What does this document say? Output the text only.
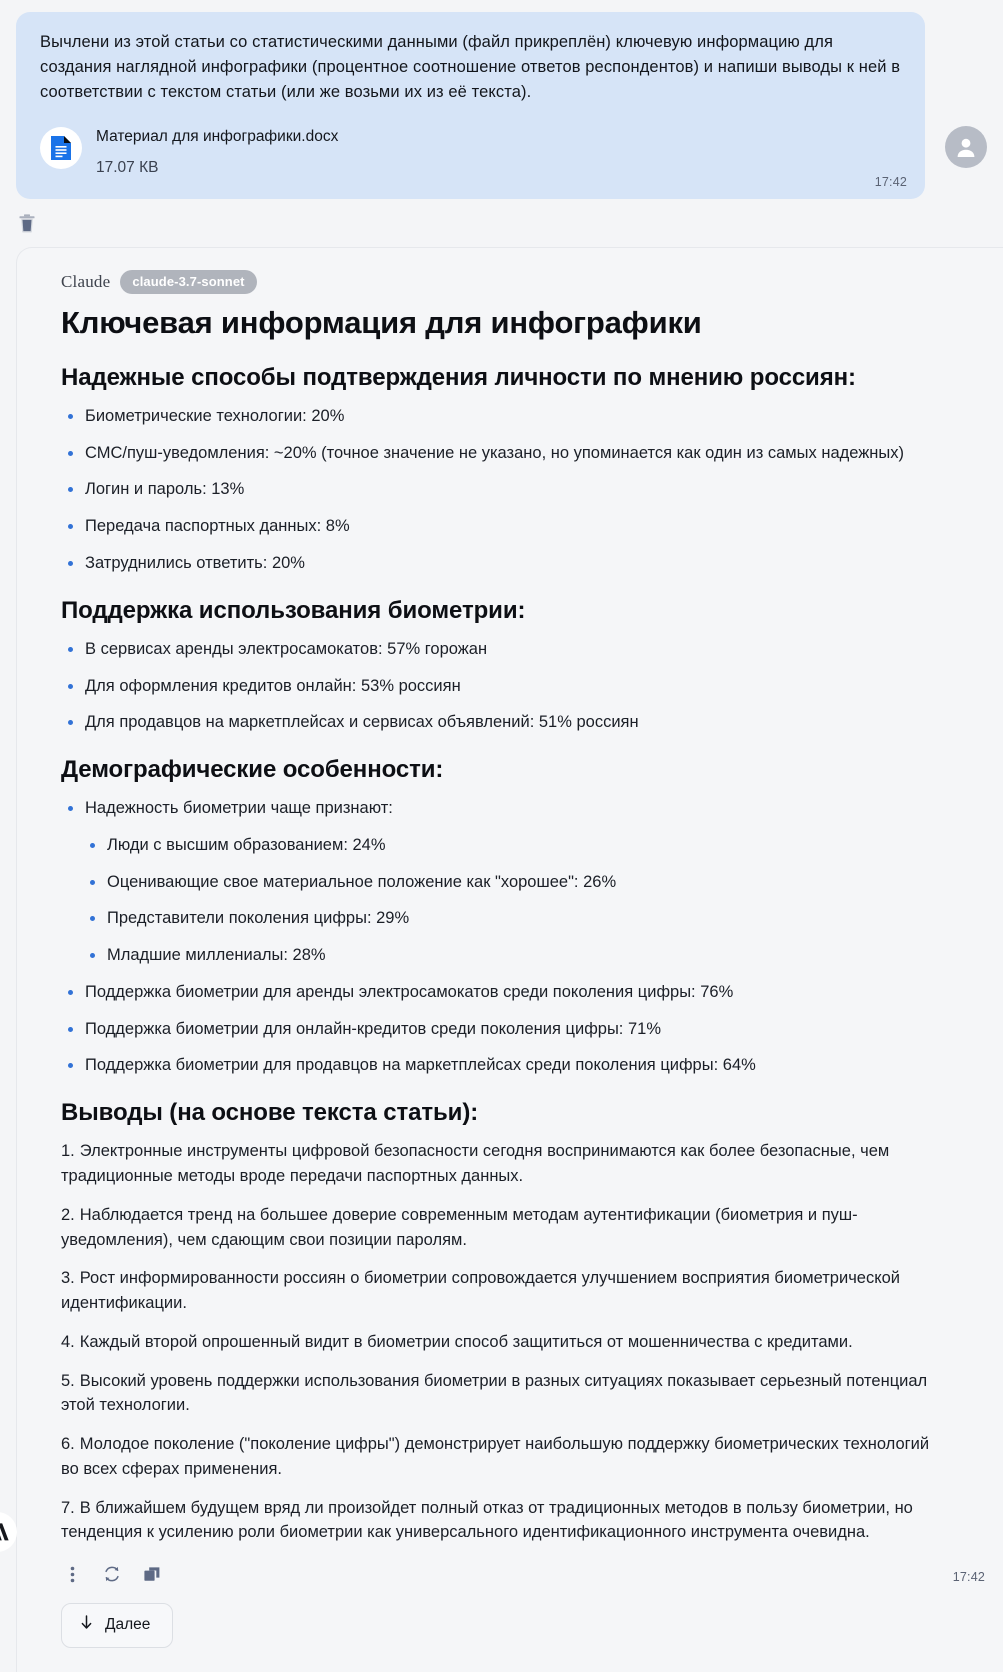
Вычлени из этой статьи со статистическими данными (файл прикреплён) ключевую информацию для создания наглядной инфографики (процентное соотношение ответов респондентов) и напиши выводы к ней в соответствии с текстом статьи (или же возьми их из её текста).
Материал для инфографики.docx
17.07 КВ
17:42
Claude	claude-3.7-sonnet
Ключевая информация для инфографики
Надежные способы подтверждения личности по мнению россиян:
Биометрические технологии: 20%
СМС/пуш-уведомления: ~20% (точное значение не указано, но упоминается как один из самых надежных)
Логин и пароль: 13%
Передача паспортных данных: 8%
Затруднились ответить: 20%
Поддержка использования биометрии:
В сервисах аренды электросамокатов: 57% горожан
Для оформления кредитов онлайн: 53% россиян
Для продавцов на маркетплейсах и сервисах объявлений: 51% россиян
Демографические особенности:
Надежность биометрии чаще признают:
Люди с высшим образованием: 24%
Оценивающие свое материальное положение как "хорошее": 26%
Представители поколения цифры: 29%
Младшие миллениалы: 28%
Поддержка биометрии для аренды электросамокатов среди поколения цифры: 76%
Поддержка биометрии для онлайн-кредитов среди поколения цифры: 71%
Поддержка биометрии для продавцов на маркетплейсах среди поколения цифры: 64%
Выводы (на основе текста статьи):

1. Электронные инструменты цифровой безопасности сегодня воспринимаются как более безопасные, чем традиционные методы вроде передачи паспортных данных.

2. Наблюдается тренд на большее доверие современным методам аутентификации (биометрия и пуш-уведомления), чем сдающим свои позиции паролям.

3. Рост информированности россиян о биометрии сопровождается улучшением восприятия биометрической идентификации.

4. Каждый второй опрошенный видит в биометрии способ защититься от мошенничества с кредитами.

5. Высокий уровень поддержки использования биометрии в разных ситуациях показывает серьезный потенциал этой технологии.

6. Молодое поколение ("поколение цифры") демонстрирует наибольшую поддержку биометрических технологий во всех сферах применения.

7. В ближайшем будущем вряд ли произойдет полный отказ от традиционных методов в пользу биометрии, но тенденция к усилению роли биометрии как универсального идентификационного инструмента очевидна.

Далее
17:42
